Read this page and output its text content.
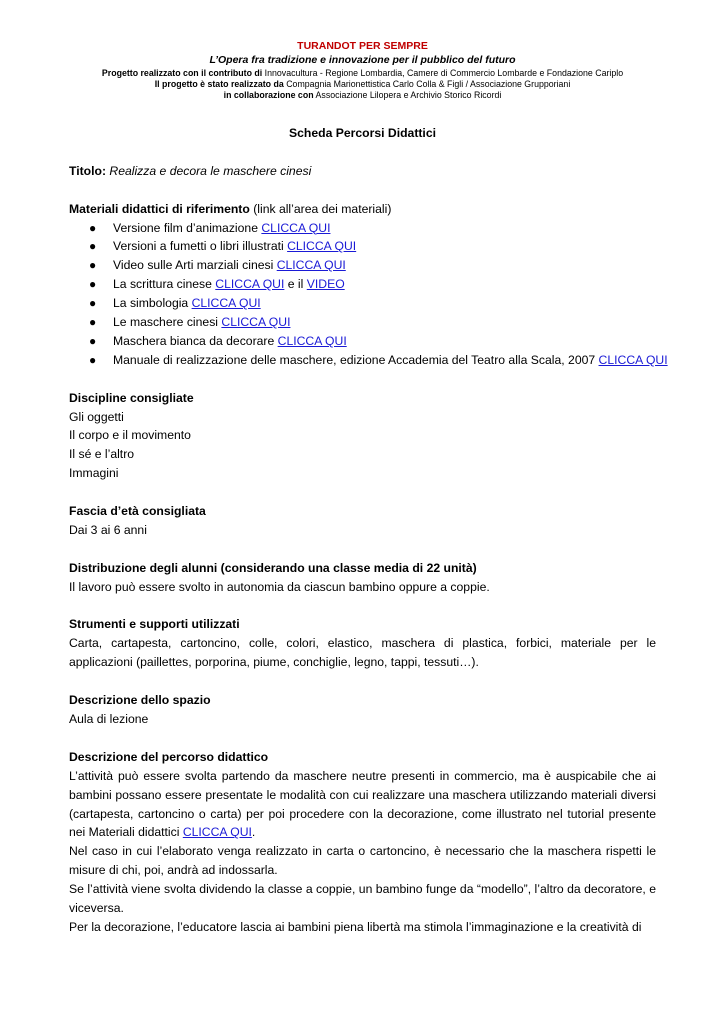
TURANDOT PER SEMPRE
L’Opera fra tradizione e innovazione per il pubblico del futuro
Progetto realizzato con il contributo di Innovacultura - Regione Lombardia, Camere di Commercio Lombarde e Fondazione Cariplo
Il progetto è stato realizzato da Compagnia Marionettistica Carlo Colla & Figli / Associazione Grupporiani
in collaborazione con Associazione Lilopera e Archivio Storico Ricordi
Scheda Percorsi Didattici
Titolo: Realizza e decora le maschere cinesi
Materiali didattici di riferimento (link all’area dei materiali)
● Versione film d’animazione CLICCA QUI
● Versioni a fumetti o libri illustrati CLICCA QUI
● Video sulle Arti marziali cinesi CLICCA QUI
● La scrittura cinese CLICCA QUI e il VIDEO
● La simbologia CLICCA QUI
● Le maschere cinesi CLICCA QUI
● Maschera bianca da decorare CLICCA QUI
● Manuale di realizzazione delle maschere, edizione Accademia del Teatro alla Scala, 2007 CLICCA QUI
Discipline consigliate
Gli oggetti
Il corpo e il movimento
Il sé e l’altro
Immagini
Fascia d’età consigliata
Dai 3 ai 6 anni
Distribuzione degli alunni (considerando una classe media di 22 unità)
Il lavoro può essere svolto in autonomia da ciascun bambino oppure a coppie.
Strumenti e supporti utilizzati

Carta, cartapesta, cartoncino, colle, colori, elastico, maschera di plastica, forbici, materiale per le applicazioni (paillettes, porporina, piume, conchiglie, legno, tappi, tessuti…).

Descrizione dello spazio
Aula di lezione
Descrizione del percorso didattico

L’attività può essere svolta partendo da maschere neutre presenti in commercio, ma è auspicabile che ai bambini possano essere presentate le modalità con cui realizzare una maschera utilizzando materiali diversi (cartapesta, cartoncino o carta) per poi procedere con la decorazione, come illustrato nel tutorial presente nei Materiali didattici CLICCA QUI.

Nel caso in cui l’elaborato venga realizzato in carta o cartoncino, è necessario che la maschera rispetti le misure di chi, poi, andrà ad indossarla.

Se l’attività viene svolta dividendo la classe a coppie, un bambino funge da “modello”, l’altro da decoratore, e viceversa.

Per la decorazione, l’educatore lascia ai bambini piena libertà ma stimola l’immaginazione e la creatività di
